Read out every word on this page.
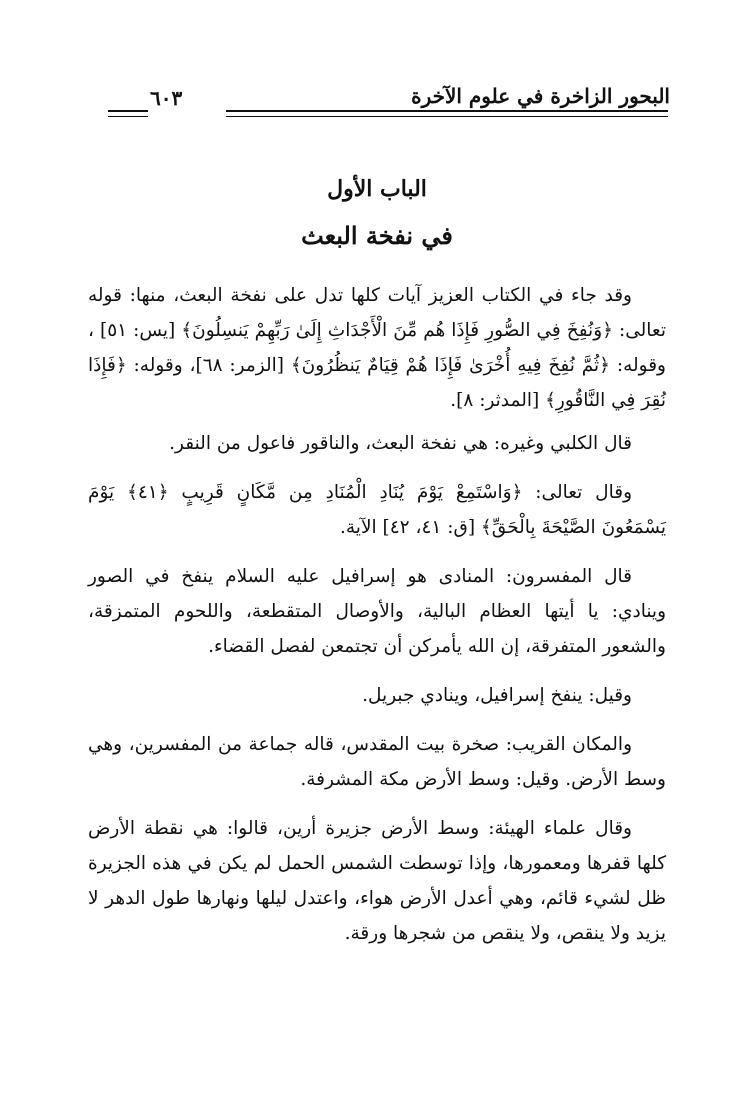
البحور الزاخرة في علوم الآخرة
٦٠٣
الباب الأول
في نفخة البعث

وقد جاء في الكتاب العزيز آيات كلها تدل على نفخة البعث، منها: قوله تعالى: ﴿وَنُفِخَ فِي الصُّورِ فَإِذَا هُم مِّنَ الْأَجْدَاثِ إِلَىٰ رَبِّهِمْ يَنسِلُونَ﴾ [يس: ٥١] ، وقوله: ﴿ثُمَّ نُفِخَ فِيهِ أُخْرَىٰ فَإِذَا هُمْ قِيَامٌ يَنظُرُونَ﴾ [الزمر: ٦٨]، وقوله: ﴿فَإِذَا نُقِرَ فِي النَّاقُورِ﴾ [المدثر: ٨].

قال الكلبي وغيره: هي نفخة البعث، والناقور فاعول من النقر.

وقال تعالى: ﴿وَاسْتَمِعْ يَوْمَ يُنَادِ الْمُنَادِ مِن مَّكَانٍ قَرِيبٍ ﴿٤١﴾ يَوْمَ يَسْمَعُونَ الصَّيْحَةَ بِالْحَقِّ﴾ [ق: ٤١، ٤٢] الآية.

قال المفسرون: المنادى هو إسرافيل عليه السلام ينفخ في الصور وينادي: يا أيتها العظام البالية، والأوصال المتقطعة، واللحوم المتمزقة، والشعور المتفرقة، إن الله يأمركن أن تجتمعن لفصل القضاء.

وقيل: ينفخ إسرافيل، وينادي جبريل.

والمكان القريب: صخرة بيت المقدس، قاله جماعة من المفسرين، وهي وسط الأرض. وقيل: وسط الأرض مكة المشرفة.

وقال علماء الهيئة: وسط الأرض جزيرة أرين، قالوا: هي نقطة الأرض كلها قفرها ومعمورها، وإذا توسطت الشمس الحمل لم يكن في هذه الجزيرة ظل لشيء قائم، وهي أعدل الأرض هواء، واعتدل ليلها ونهارها طول الدهر لا يزيد ولا ينقص، ولا ينقص من شجرها ورقة.
